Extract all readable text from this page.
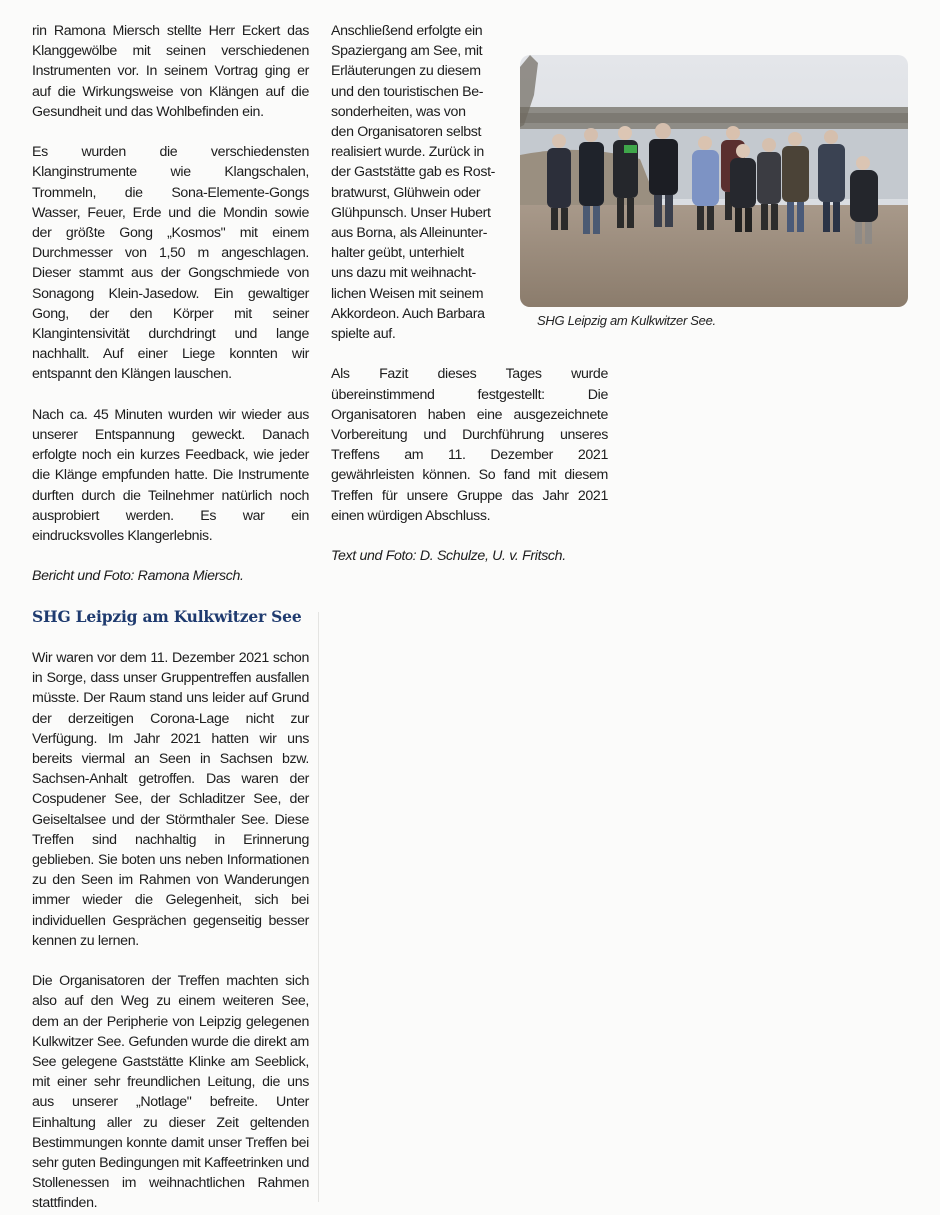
rin Ramona Miersch stellte Herr Eckert das Klanggewölbe mit seinen verschiedenen Instrumenten vor. In seinem Vortrag ging er auf die Wirkungsweise von Klängen auf die Gesundheit und das Wohlbefinden ein.

Es wurden die verschiedensten Klanginstrumente wie Klangschalen, Trommeln, die Sona-Elemente-Gongs Wasser, Feuer, Erde und die Mondin sowie der größte Gong „Kosmos" mit einem Durchmesser von 1,50 m angeschlagen. Dieser stammt aus der Gongschmiede von Sonagong Klein-Jasedow. Ein gewaltiger Gong, der den Körper mit seiner Klangintensivität durchdringt und lange nachhallt. Auf einer Liege konnten wir entspannt den Klängen lauschen.

Nach ca. 45 Minuten wurden wir wieder aus unserer Entspannung geweckt. Danach erfolgte noch ein kurzes Feedback, wie jeder die Klänge empfunden hatte. Die Instrumente durften durch die Teilnehmer natürlich noch ausprobiert werden. Es war ein eindrucksvolles Klangerlebnis.

Bericht und Foto: Ramona Miersch.

SHG Leipzig am Kulkwitzer See

Wir waren vor dem 11. Dezember 2021 schon in Sorge, dass unser Gruppentreffen ausfallen müsste. Der Raum stand uns leider auf Grund der derzeitigen Corona-Lage nicht zur Verfügung. Im Jahr 2021 hatten wir uns bereits viermal an Seen in Sachsen bzw. Sachsen-Anhalt getroffen. Das waren der Cospudener See, der Schladitzer See, der Geiseltalsee und der Störmthaler See. Diese Treffen sind nachhaltig in Erinnerung geblieben. Sie boten uns neben Informationen zu den Seen im Rahmen von Wanderungen immer wieder die Gelegenheit, sich bei individuellen Gesprächen gegenseitig besser kennen zu lernen.

Die Organisatoren der Treffen machten sich also auf den Weg zu einem weiteren See, dem an der Peripherie von Leipzig gelegenen Kulkwitzer See. Gefunden wurde die direkt am See gelegene Gaststätte Klinke am Seeblick, mit einer sehr freundlichen Leitung, die uns aus unserer „Notlage" befreite. Unter Einhaltung aller zu dieser Zeit geltenden Bestimmungen konnte damit unser Treffen bei sehr guten Bedingungen mit Kaffeetrinken und Stollenessen im weihnachtlichen Rahmen stattfinden.

Anschließend erfolgte ein
Spaziergang am See, mit
Erläuterungen zu diesem
und den touristischen Be-
sonderheiten, was von
den Organisatoren selbst
realisiert wurde. Zurück in
der Gaststätte gab es Rost-
bratwurst, Glühwein oder
Glühpunsch. Unser Hubert
aus Borna, als Alleinunter-
halter geübt, unterhielt
uns dazu mit weihnacht-
lichen Weisen mit seinem
Akkordeon. Auch Barbara
spielte auf.

Als Fazit dieses Tages wurde übereinstimmend festgestellt: Die Organisatoren haben eine ausgezeichnete Vorbereitung und Durchführung unseres Treffens am 11. Dezember 2021 gewährleisten können. So fand mit diesem Treffen für unsere Gruppe das Jahr 2021 einen würdigen Abschluss.

Text und Foto: D. Schulze, U. v. Fritsch.

SHG Leipzig am Kulkwitzer See.
